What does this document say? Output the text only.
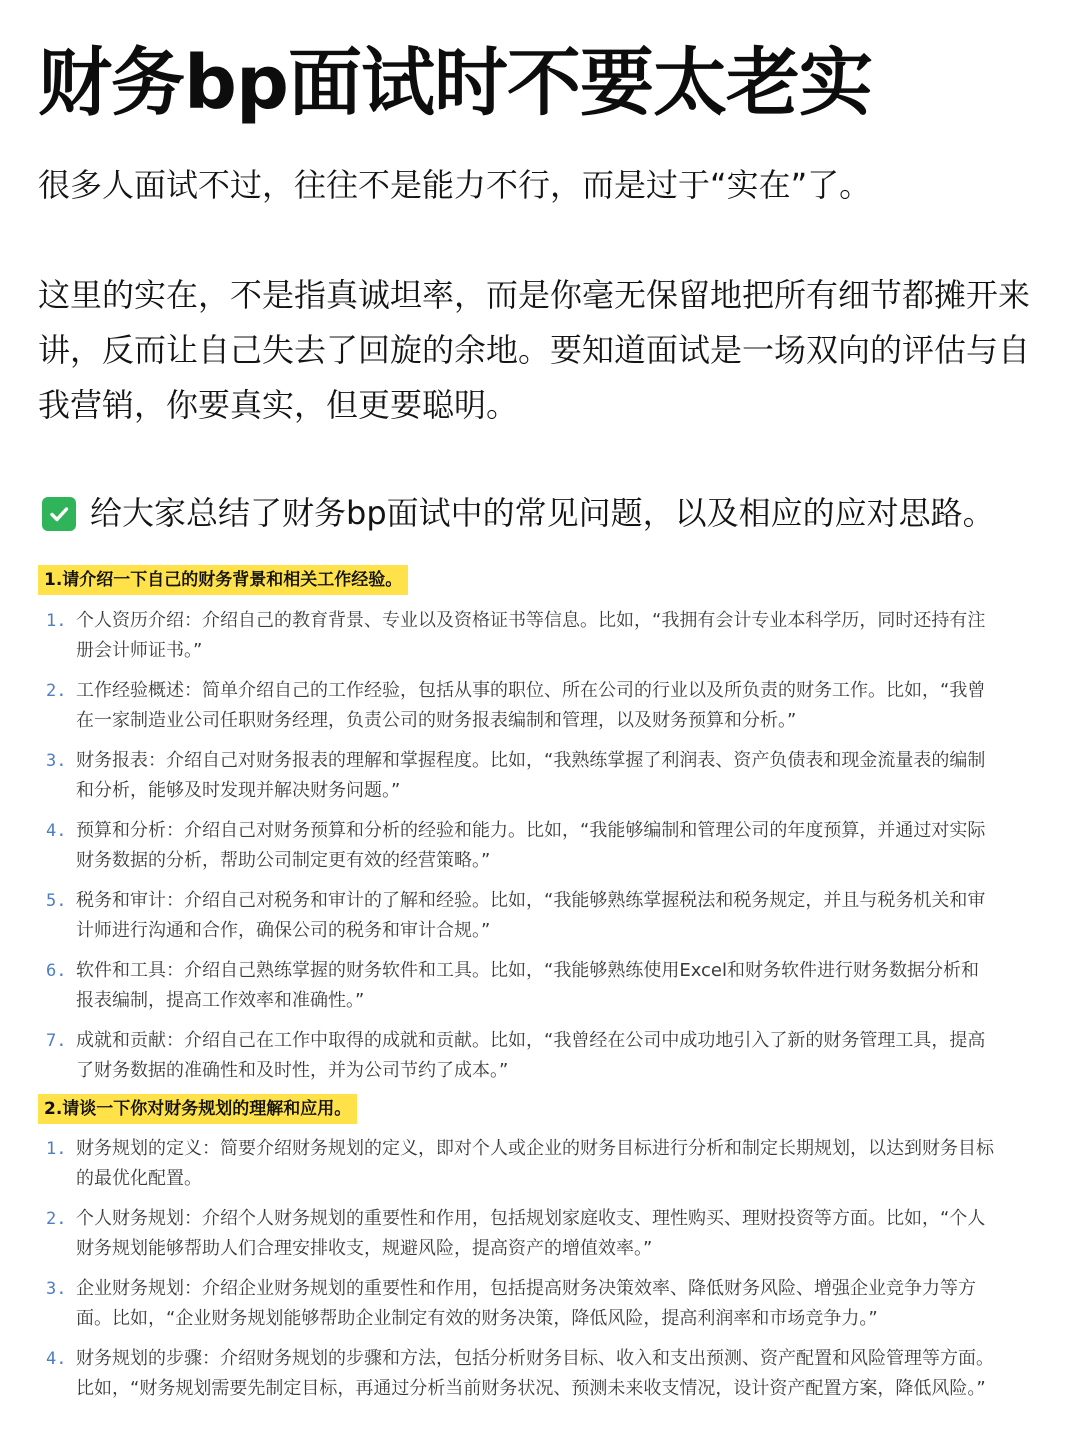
财务bp面试时不要太老实

很多人面试不过，往往不是能力不行，而是过于“实在”了。

这里的实在，不是指真诚坦率，而是你毫无保留地把所有细节都摊开来讲，反而让自己失去了回旋的余地。要知道面试是一场双向的评估与自我营销，你要真实，但更要聪明。

给大家总结了财务bp面试中的常见问题，以及相应的应对思路。
1.请介绍一下自己的财务背景和相关工作经验。
1. 个人资历介绍：介绍自己的教育背景、专业以及资格证书等信息。比如，“我拥有会计专业本科学历，同时还持有注册会计师证书。”
2. 工作经验概述：简单介绍自己的工作经验，包括从事的职位、所在公司的行业以及所负责的财务工作。比如，“我曾在一家制造业公司任职财务经理，负责公司的财务报表编制和管理，以及财务预算和分析。”
3. 财务报表：介绍自己对财务报表的理解和掌握程度。比如，“我熟练掌握了利润表、资产负债表和现金流量表的编制和分析，能够及时发现并解决财务问题。”
4. 预算和分析：介绍自己对财务预算和分析的经验和能力。比如，“我能够编制和管理公司的年度预算，并通过对实际财务数据的分析，帮助公司制定更有效的经营策略。”
5. 税务和审计：介绍自己对税务和审计的了解和经验。比如，“我能够熟练掌握税法和税务规定，并且与税务机关和审计师进行沟通和合作，确保公司的税务和审计合规。”
6. 软件和工具：介绍自己熟练掌握的财务软件和工具。比如，“我能够熟练使用Excel和财务软件进行财务数据分析和报表编制，提高工作效率和准确性。”
7. 成就和贡献：介绍自己在工作中取得的成就和贡献。比如，“我曾经在公司中成功地引入了新的财务管理工具，提高了财务数据的准确性和及时性，并为公司节约了成本。”
2.请谈一下你对财务规划的理解和应用。
1. 财务规划的定义：简要介绍财务规划的定义，即对个人或企业的财务目标进行分析和制定长期规划，以达到财务目标的最优化配置。
2. 个人财务规划：介绍个人财务规划的重要性和作用，包括规划家庭收支、理性购买、理财投资等方面。比如，“个人财务规划能够帮助人们合理安排收支，规避风险，提高资产的增值效率。”
3. 企业财务规划：介绍企业财务规划的重要性和作用，包括提高财务决策效率、降低财务风险、增强企业竞争力等方面。比如，“企业财务规划能够帮助企业制定有效的财务决策，降低风险，提高利润率和市场竞争力。”
4. 财务规划的步骤：介绍财务规划的步骤和方法，包括分析财务目标、收入和支出预测、资产配置和风险管理等方面。比如，“财务规划需要先制定目标，再通过分析当前财务状况、预测未来收支情况，设计资产配置方案，降低风险。”
